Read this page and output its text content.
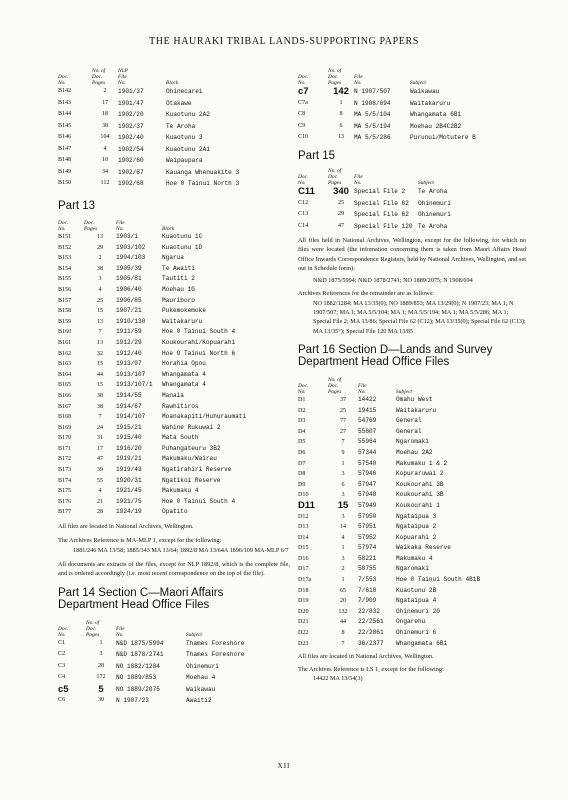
THE HAURAKI TRIBAL LANDS-SUPPORTING PAPERS
Doc.
No.	No. of
Doc.
Pages	NLP
File
No.	Block
B142	2	1901/37	Ohinecarei
B143	17	1901/47	Otakawe
B144	18	1902/20	Kuaotunu 2A2
B145	38	1902/37	Te Aroha
B146	104	1902/40	Kuaotunu 3
B147	4	1902/54	Kuaotunu 2A1
B148	10	1902/60	Waipaupara
B149	34	1902/67	Kauanga Whenuakite 3
B150	112	1902/68	Hoe 0 Tainui North 3
Part 13
Doc.
No.	Doc.
Pages	File
No.	Block
B151	13	1903/1	Kuaotunu 1C
B152	29	1903/102	Kuaotunu 1D
B153	2	1904/103	Ngarua
B154	38	1905/39	Te Awaiti
B155	3	1905/81	Tautiti 2
B156	4	1906/40	Moehau 1G
B157	25	1906/85	Mauriboro
B158	15	1907/21	Pukemokemoke
B159	13	1910/130	Waitakaruru
B160	7	1911/59	Hoe 0 Tainui South 4
B161	13	1912/29	Koukourahi/Kopuarahi
B162	32	1912/40	Hoe O Tainui North 6
B163	15	1913/97	Horahia Opou
B164	44	1913/107	Whangamata 4
B165	15	1913/107/1	Whangamata 4
B166	38	1914/55	Manaia
B167	38	1914/67	Rawhitiros
B168	7	1914/107	Moanakapiti/Huhuraumati
B169	24	1915/21	Wahine Rukuwai 2
B170	31	1915/40	Mata South
B171	17	1916/20	Puhangateuru 3B2
B172	47	1919/21	Makumaku/Wairau
B173	39	1919/43	Ngatirahiri Reserve
B174	55	1920/31	Ngatikoi Reserve
B175	4	1921/45	Makumaku 4
B176	21	1921/75	Hoe 0 Tainui South 4
B177	28	1924/19	Opatito

All files are located in National Archives, Wellington.

The Archives Reference is MA-MLP 1, except for the following:

1881/246 MA 13/58; 1885/343 MA 13/64; 1892/8 MA 13/64A 1896/109 MA-MLP 6/7

All documents are extracts of the files, except for NLP 1892/8, which is the complete file, and is ordered accordingly (i.e. most recent correspondence on the top of the file).

Part 14 Section C—Maori Affairs Department Head Office Files
Doc.
No.	No. of
Doc.
Pages	File
No.	Subject
C1	1	N&D 1875/5994	Thames Foreshore
C2	3	N&D 1878/2741	Thames Foreshore
C3	28	NO 1882/1284	Ohinemuri
C4	172	NO 1889/853	Moehau 4
c5	5	NO 1889/2075	Waikawau
C6	30	N 1907/23	Awaiti2
Doc.
No.	No. of
Doc.
Pages	File
No.	Subject
c7	142	N 1907/507	Waikawau
C7a	1	N 1908/694	Waitakaruru
C8	8	MA 5/5/104	Whangamata 6B1
C9	6	MA 5/5/194	Moehau 2B4C2B2
C10	13	MA 5/5/286	Purunui/Motutere B
Part 15
Doc.
No.	No. of
Doc.
Pages	File
No.	Subject
C11	340	Special File 2	Te Aroha
C12	25	Special File 62	Ohinemuri
C13	29	Special File 62	Ohinemuri
C14	47	Special File 120	Te Aroha

All files held in National Archives, Wellington, except for the following, for which no files were located (the infomation concerning them is taken from Maori Affairs Head Office Inwards Correspondence Registers, held by National Archives, Wellington, and set out in Schedule form):

N&D 1875/5994; N&D 1878/2741; NO 1889/2075; N 1908/694

Archives References for the remainder are as follows:

NO 1882/1284; MA 13/35(0); NO 1889/853; MA 13/29(0); N 1907/23; MA 1; N 1907/507; MA 1; MA 5/5/104; MA 1; MA 5/5/194; MA 1; MA 5/5/286; MA 1; Special File 2; MA 13/86; Special File 62 (C12); MA 13/35(0); Special File 62 (C13); MA 13/35°); Special File 120 MA 13/85

Part 16 Section D—Lands and Survey Department Head Office Files
Doc.
No.	No. of
Doc.
Pages	File
No.	Subject
D1	37	14422	Omahu West
D2	25	19415	Waitakaruru
D3	77	54769	General
D4	27	55607	General
D5	7	55964	Ngaromaki
D6	9	57344	Moehau 2A2
D7	1	57540	Makumaku 1 & 2
D8	3	57946	Kopuraruwai 2
D9	6	57947	Koukourahi 3B
D10	3	57948	Koukourahi 3B
D11	15	57949	Koukourahi 1
D12	3	57950	Ngataipua 3
D13	14	57951	Ngataipua 2
D14	4	57952	Kopuarahi 2
D15	1	57974	Waikaka Reserve
D16	3	58221	Makumaku 4
D17	2	58755	Ngaromaki
D17a	1	7/553	Hoe 0 Tainui South 4B1B
D18	65	7/618	Kuaotunu 2B
D19	20	7/909	Ngataipua 4
D20	132	22/832	Ohinemuri 20
D21	44	22/2561	Ongarehu
D22	8	22/2861	Ohinemuri 6
D23	7	36/2377	Whangamata 6B1

All files are located in National Archives, Wellington.

The Archives Reference is LS 1, except for the following:

14422 MA 13/54(3)

XII
